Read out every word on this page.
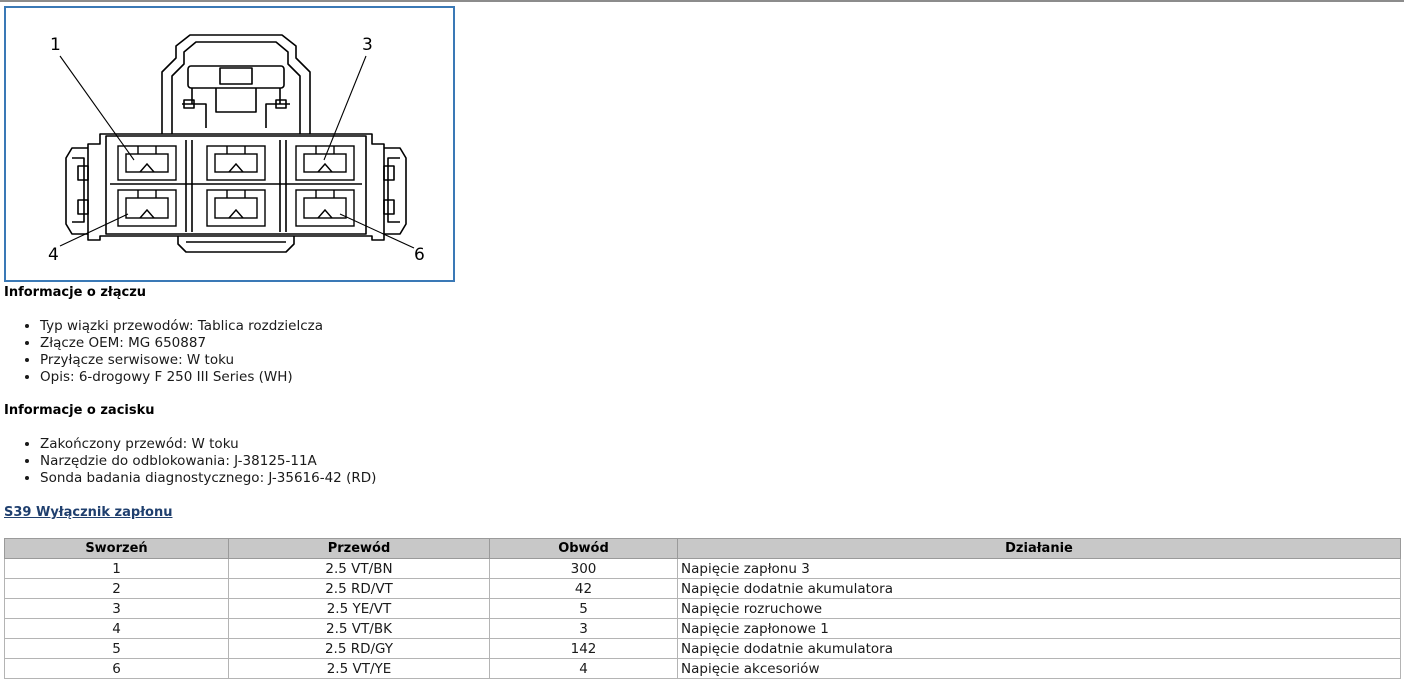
1	3
4	6
Informacje o złączu
• Typ wiązki przewodów: Tablica rozdzielcza
• Złącze OEM: MG 650887
• Przyłącze serwisowe: W toku
• Opis: 6-drogowy F 250 III Series (WH)
Informacje o zacisku
• Zakończony przewód: W toku
• Narzędzie do odblokowania: J-38125-11A
• Sonda badania diagnostycznego: J-35616-42 (RD)
S39 Wyłącznik zapłonu
Sworzeń	Przewód	Obwód	Działanie
1	2.5 VT/BN	300	Napięcie zapłonu 3
2	2.5 RD/VT	42	Napięcie dodatnie akumulatora
3	2.5 YE/VT	5	Napięcie rozruchowe
4	2.5 VT/BK	3	Napięcie zapłonowe 1
5	2.5 RD/GY	142	Napięcie dodatnie akumulatora
6	2.5 VT/YE	4	Napięcie akcesoriów
